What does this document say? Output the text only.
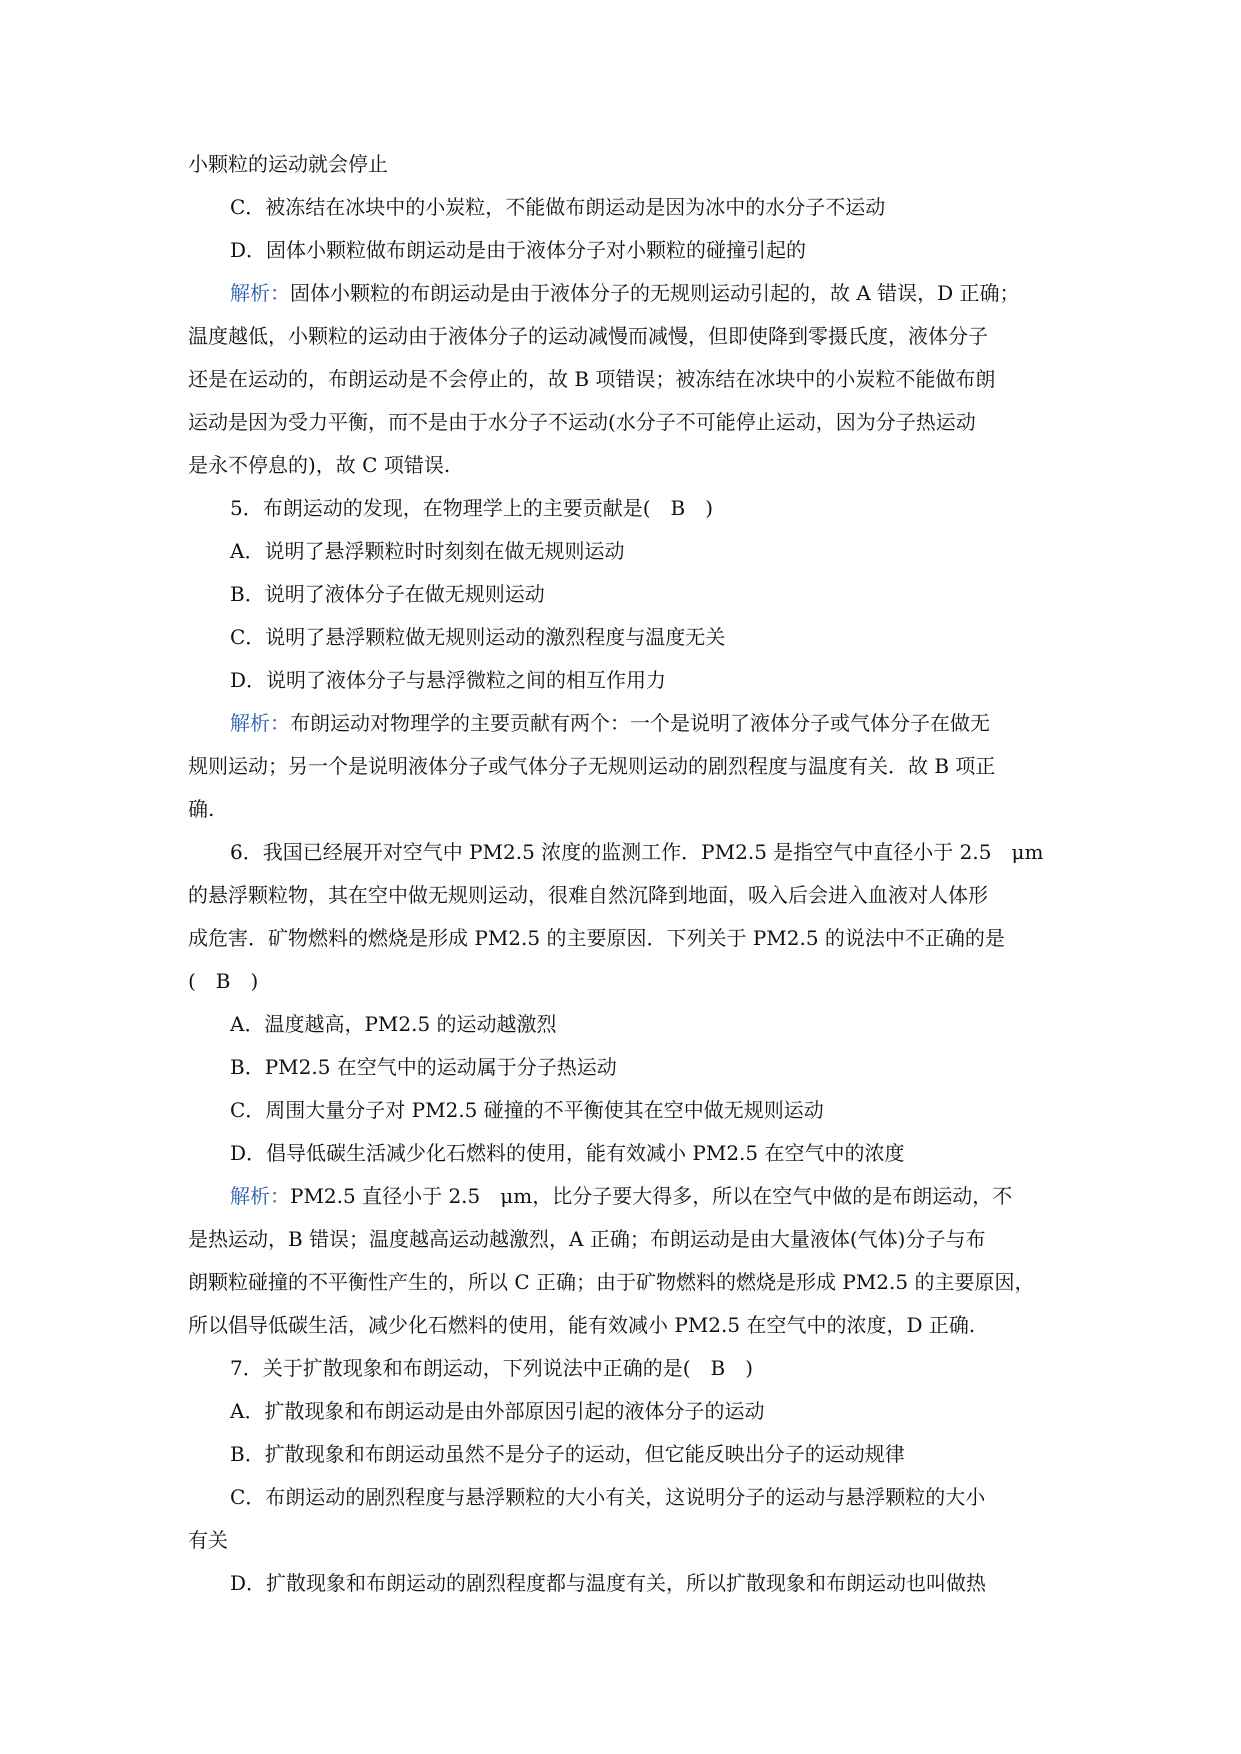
小颗粒的运动就会停止
C．被冻结在冰块中的小炭粒，不能做布朗运动是因为冰中的水分子不运动
D．固体小颗粒做布朗运动是由于液体分子对小颗粒的碰撞引起的
解析：固体小颗粒的布朗运动是由于液体分子的无规则运动引起的，故 A 错误，D 正确；
温度越低，小颗粒的运动由于液体分子的运动减慢而减慢，但即使降到零摄氏度，液体分子
还是在运动的，布朗运动是不会停止的，故 B 项错误；被冻结在冰块中的小炭粒不能做布朗
运动是因为受力平衡，而不是由于水分子不运动(水分子不可能停止运动，因为分子热运动
是永不停息的)，故 C 项错误.
5．布朗运动的发现，在物理学上的主要贡献是(　B　)
A．说明了悬浮颗粒时时刻刻在做无规则运动
B．说明了液体分子在做无规则运动
C．说明了悬浮颗粒做无规则运动的激烈程度与温度无关
D．说明了液体分子与悬浮微粒之间的相互作用力
解析：布朗运动对物理学的主要贡献有两个：一个是说明了液体分子或气体分子在做无
规则运动；另一个是说明液体分子或气体分子无规则运动的剧烈程度与温度有关．故 B 项正
确.
6．我国已经展开对空气中 PM2.5 浓度的监测工作．PM2.5 是指空气中直径小于 2.5　μm
的悬浮颗粒物，其在空中做无规则运动，很难自然沉降到地面，吸入后会进入血液对人体形
成危害．矿物燃料的燃烧是形成 PM2.5 的主要原因．下列关于 PM2.5 的说法中不正确的是
(　B　)
A．温度越高，PM2.5 的运动越激烈
B．PM2.5 在空气中的运动属于分子热运动
C．周围大量分子对 PM2.5 碰撞的不平衡使其在空中做无规则运动
D．倡导低碳生活减少化石燃料的使用，能有效减小 PM2.5 在空气中的浓度
解析：PM2.5 直径小于 2.5　μm，比分子要大得多，所以在空气中做的是布朗运动，不
是热运动，B 错误；温度越高运动越激烈，A 正确；布朗运动是由大量液体(气体)分子与布
朗颗粒碰撞的不平衡性产生的，所以 C 正确；由于矿物燃料的燃烧是形成 PM2.5 的主要原因，
所以倡导低碳生活，减少化石燃料的使用，能有效减小 PM2.5 在空气中的浓度，D 正确.
7．关于扩散现象和布朗运动，下列说法中正确的是(　B　)
A．扩散现象和布朗运动是由外部原因引起的液体分子的运动
B．扩散现象和布朗运动虽然不是分子的运动，但它能反映出分子的运动规律
C．布朗运动的剧烈程度与悬浮颗粒的大小有关，这说明分子的运动与悬浮颗粒的大小
有关
D．扩散现象和布朗运动的剧烈程度都与温度有关，所以扩散现象和布朗运动也叫做热
